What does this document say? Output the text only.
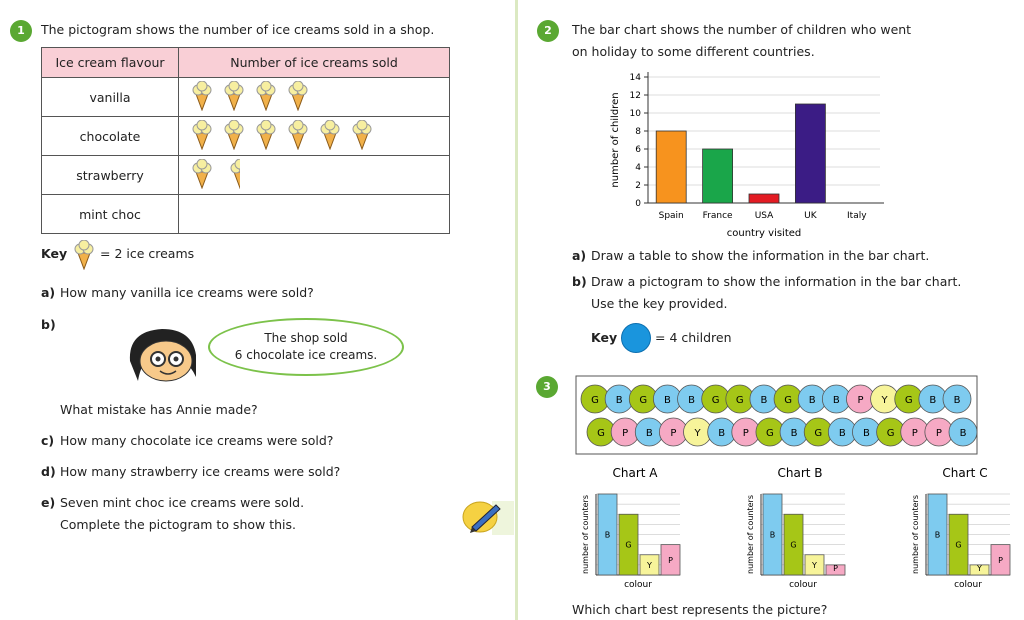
1	The pictogram shows the number of ice creams sold in a shop.
Ice cream flavour	Number of ice creams sold
vanilla	
chocolate	
strawberry	
mint choc	
Key	= 2 ice creams
a) How many vanilla ice creams were sold?
b)
The shop sold
6 chocolate ice creams.
What mistake has Annie made?
c) How many chocolate ice creams were sold?
d) How many strawberry ice creams were sold?
e) Seven mint choc ice creams were sold.
Complete the pictogram to show this.
2	The bar chart shows the number of children who went
on holiday to some different countries.
0
2
4
6
8
10
12
14
Spain France USA	UK	Italy
country visited
number of children
a) Draw a table to show the information in the bar chart.
b) Draw a pictogram to show the information in the bar chart.
Use the key provided.
Key	= 4 children
3
G B G B B G G B G B B P Y G B B
G P B P Y B P G B G B B G P P B
Chart A
B
G
Y
P
colour
number of counters
Chart B
B
G
Y P
colour
number of counters
Chart C
B
G
Y
P
colour
number of counters
Which chart best represents the picture?
